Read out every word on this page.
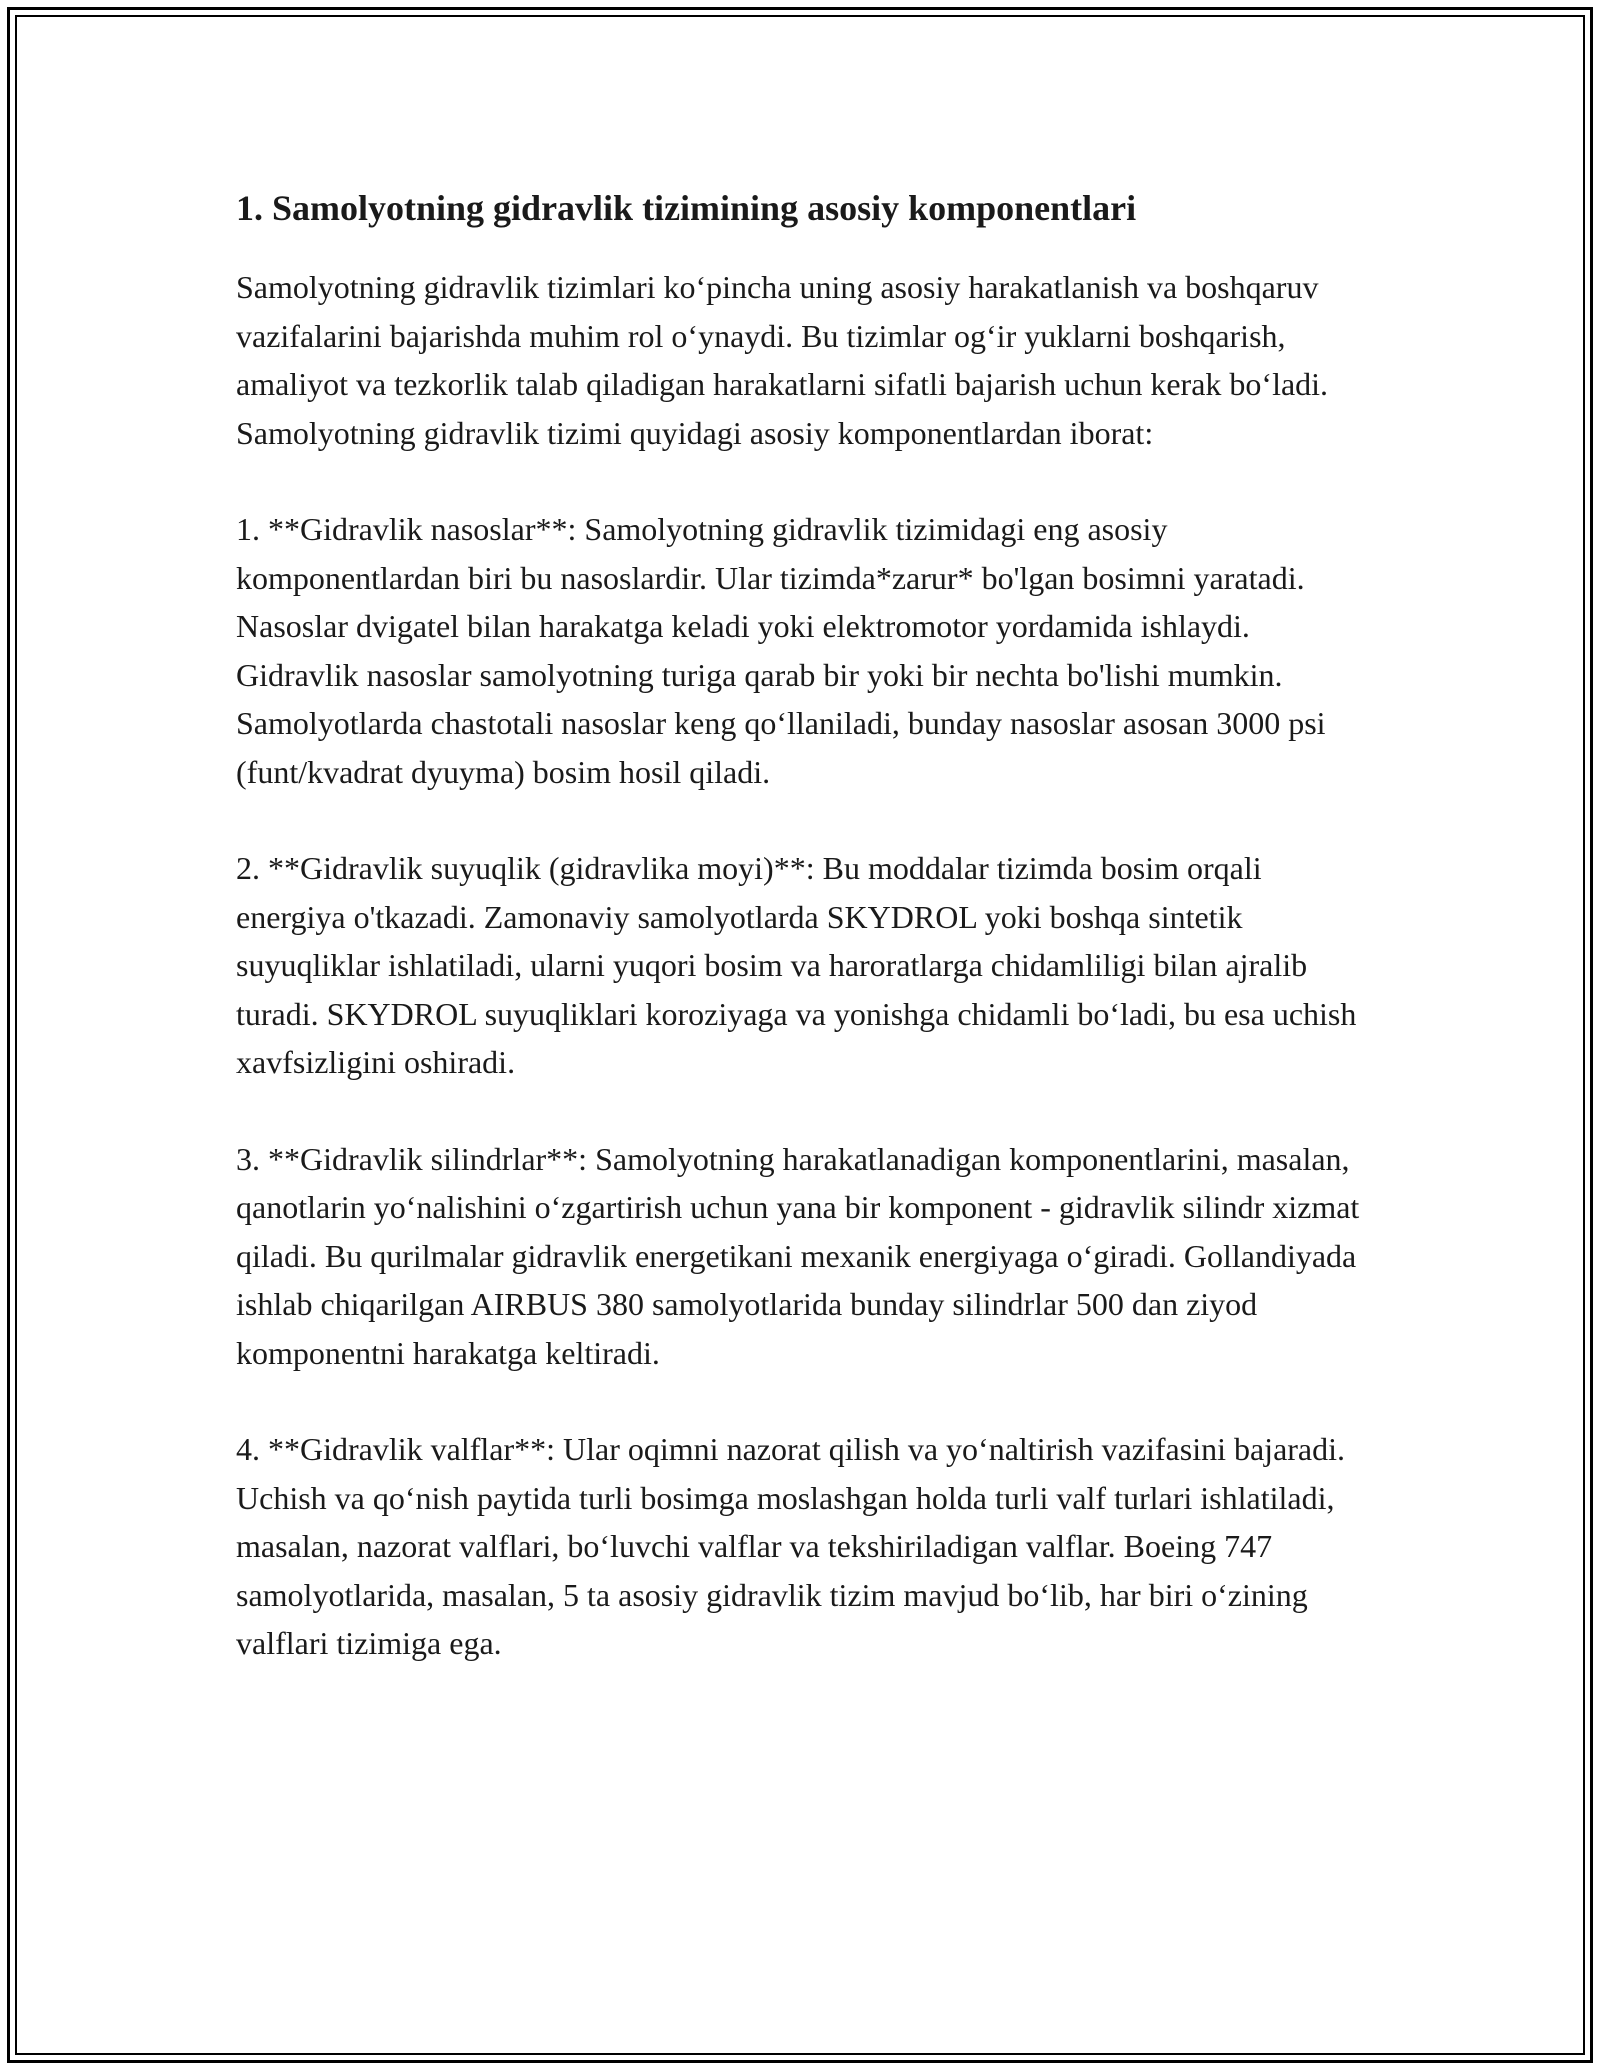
1. Samolyotning gidravlik tizimining asosiy komponentlari

Samolyotning gidravlik tizimlari ko‘pincha uning asosiy harakatlanish va boshqaruv vazifalarini bajarishda muhim rol o‘ynaydi. Bu tizimlar og‘ir yuklarni boshqarish, amaliyot va tezkorlik talab qiladigan harakatlarni sifatli bajarish uchun kerak bo‘ladi. Samolyotning gidravlik tizimi quyidagi asosiy komponentlardan iborat:

1. **Gidravlik nasoslar**: Samolyotning gidravlik tizimidagi eng asosiy komponentlardan biri bu nasoslardir. Ular tizimda*zarur* bo'lgan bosimni yaratadi. Nasoslar dvigatel bilan harakatga keladi yoki elektromotor yordamida ishlaydi. Gidravlik nasoslar samolyotning turiga qarab bir yoki bir nechta bo'lishi mumkin. Samolyotlarda chastotali nasoslar keng qo‘llaniladi, bunday nasoslar asosan 3000 psi (funt/kvadrat dyuyma) bosim hosil qiladi.

2. **Gidravlik suyuqlik (gidravlika moyi)**: Bu moddalar tizimda bosim orqali energiya o'tkazadi. Zamonaviy samolyotlarda SKYDROL yoki boshqa sintetik suyuqliklar ishlatiladi, ularni yuqori bosim va haroratlarga chidamliligi bilan ajralib turadi. SKYDROL suyuqliklari koroziyaga va yonishga chidamli bo‘ladi, bu esa uchish xavfsizligini oshiradi.

3. **Gidravlik silindrlar**: Samolyotning harakatlanadigan komponentlarini, masalan, qanotlarin yo‘nalishini o‘zgartirish uchun yana bir komponent - gidravlik silindr xizmat qiladi. Bu qurilmalar gidravlik energetikani mexanik energiyaga o‘giradi. Gollandiyada ishlab chiqarilgan AIRBUS 380 samolyotlarida bunday silindrlar 500 dan ziyod komponentni harakatga keltiradi.

4. **Gidravlik valflar**: Ular oqimni nazorat qilish va yo‘naltirish vazifasini bajaradi. Uchish va qo‘nish paytida turli bosimga moslashgan holda turli valf turlari ishlatiladi, masalan, nazorat valflari, bo‘luvchi valflar va tekshiriladigan valflar. Boeing 747 samolyotlarida, masalan, 5 ta asosiy gidravlik tizim mavjud bo‘lib, har biri o‘zining valflari tizimiga ega.
